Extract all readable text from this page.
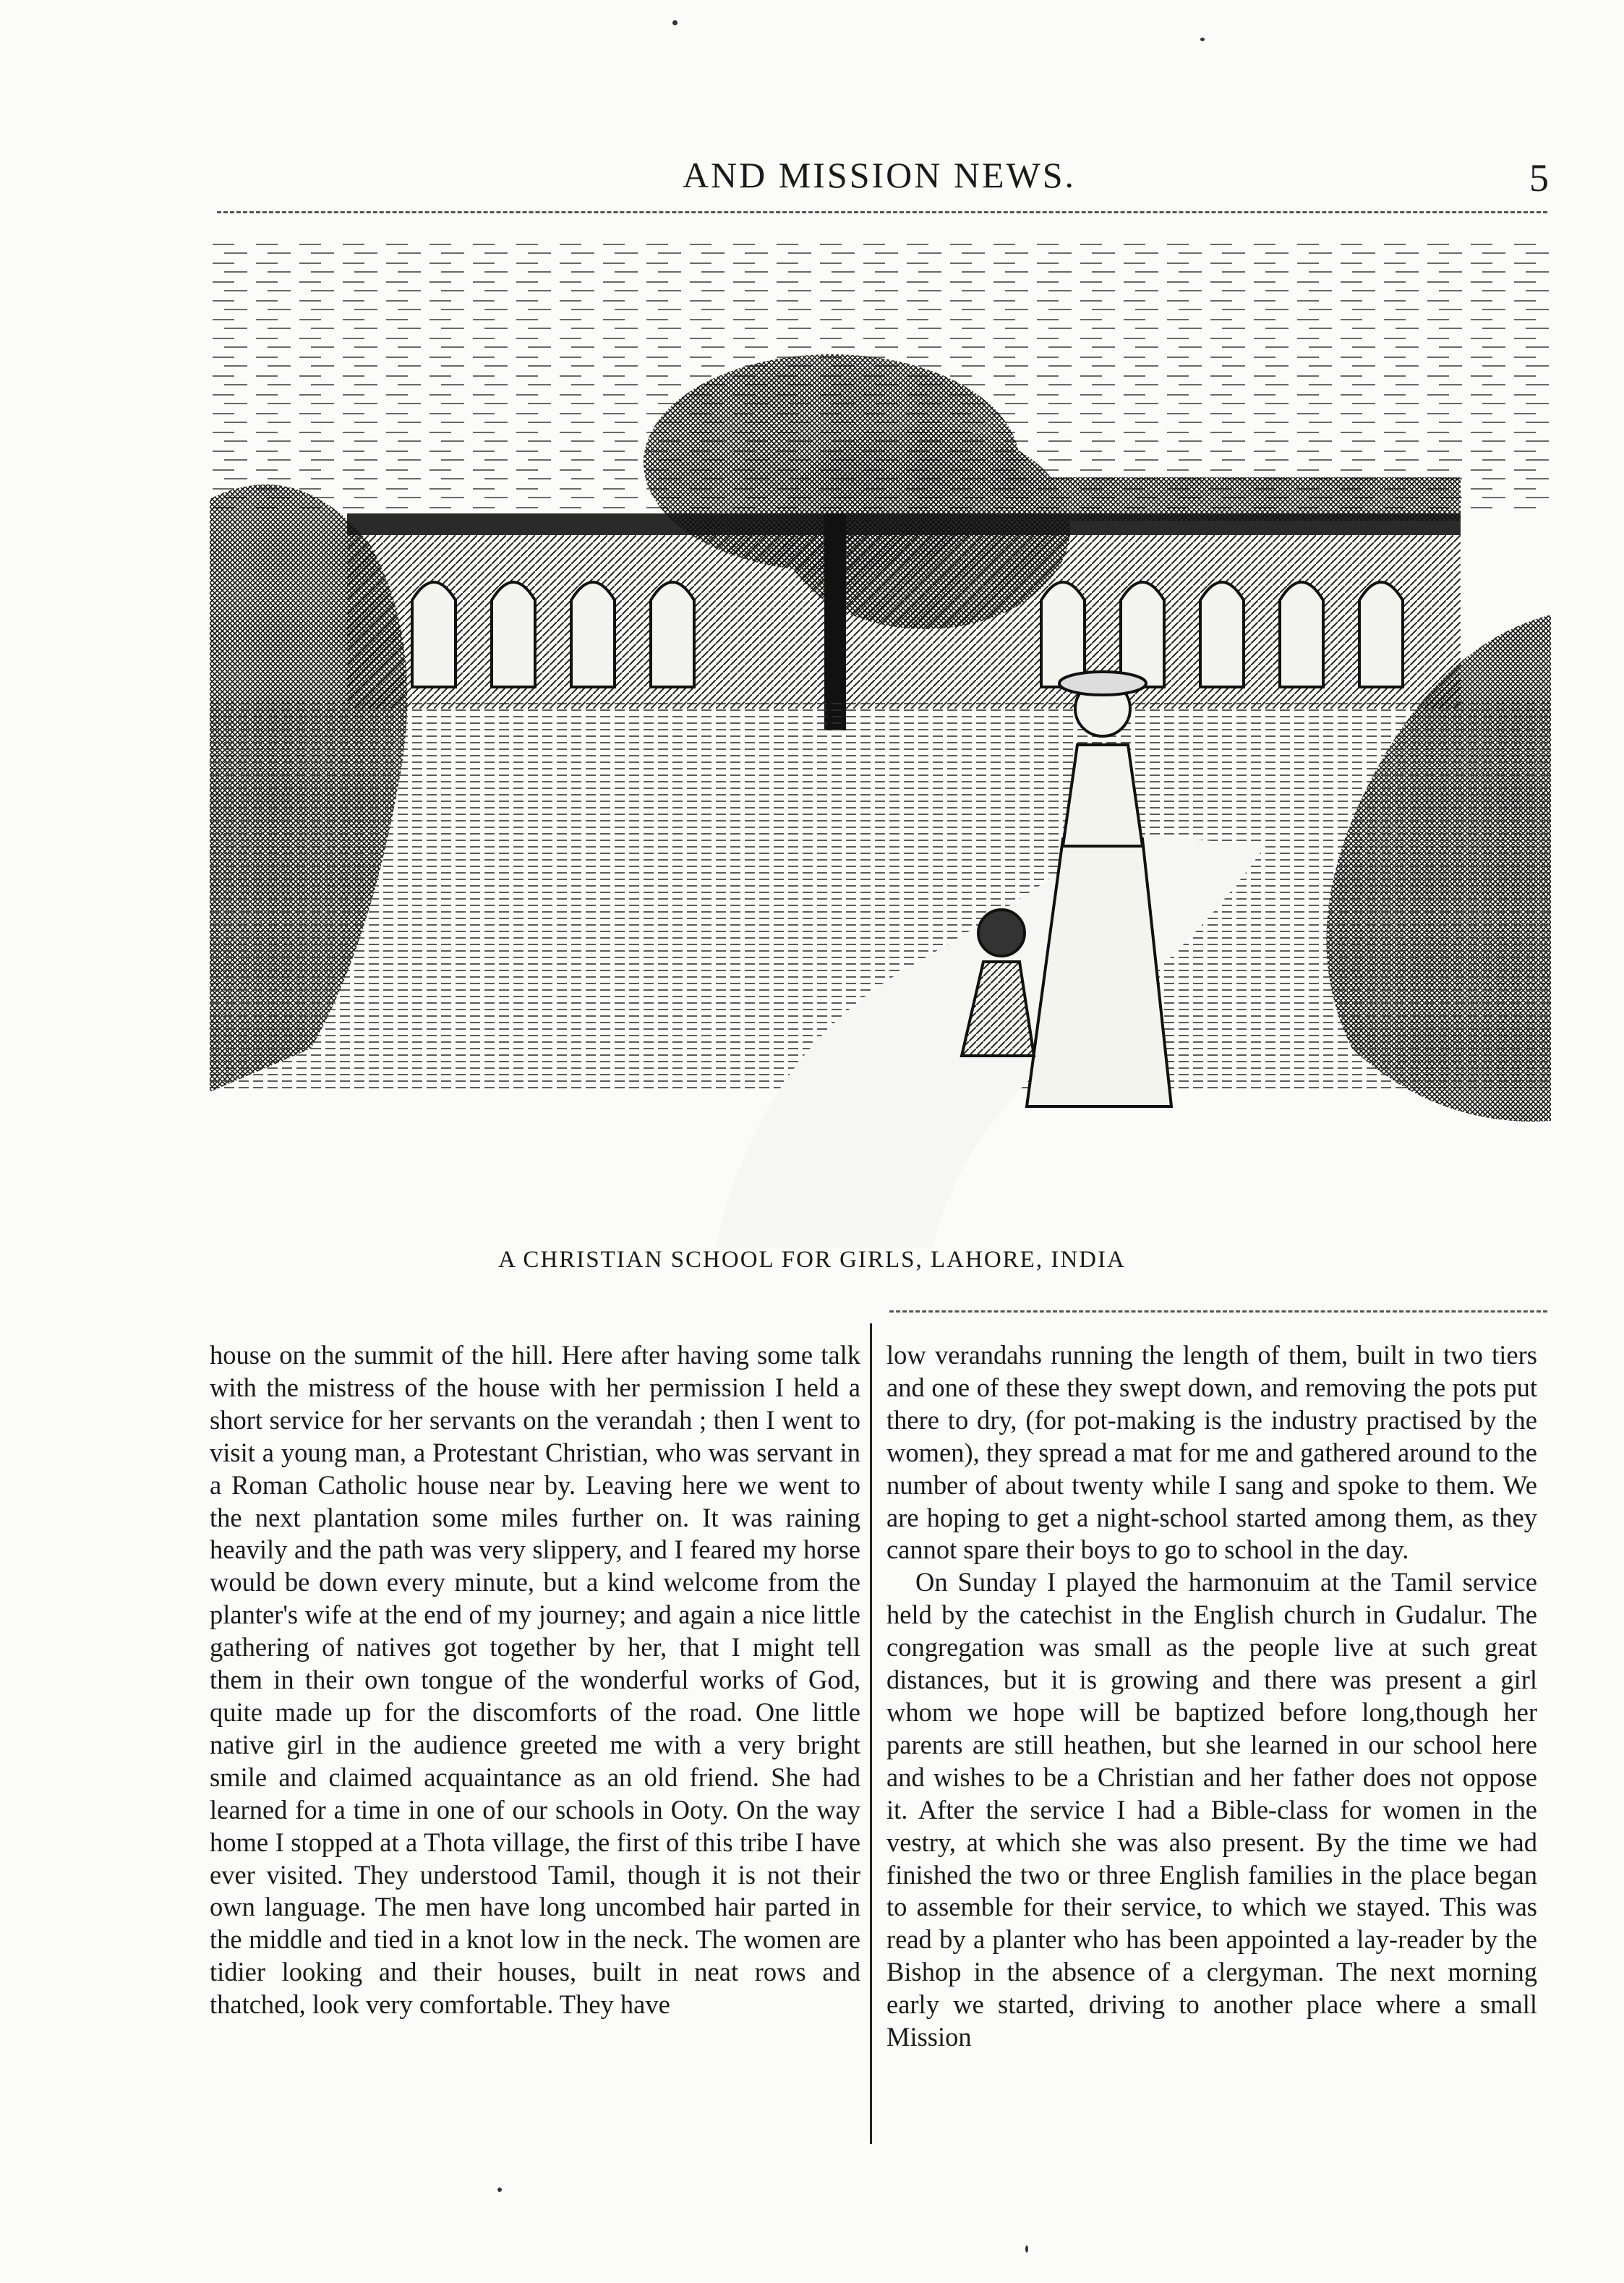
AND MISSION NEWS.	5
A CHRISTIAN SCHOOL FOR GIRLS, LAHORE, INDIA

house on the summit of the hill. Here after having some talk with the mistress of the house with her permission I held a short service for her servants on the verandah ; then I went to visit a young man, a Protestant Christian, who was servant in a Roman Catholic house near by. Leaving here we went to the next plantation some miles further on. It was raining heavily and the path was very slippery, and I feared my horse would be down every minute, but a kind welcome from the planter's wife at the end of my journey; and again a nice little gathering of natives got together by her, that I might tell them in their own tongue of the wonderful works of God, quite made up for the discomforts of the road. One little native girl in the audience greeted me with a very bright smile and claimed acquaintance as an old friend. She had learned for a time in one of our schools in Ooty. On the way home I stopped at a Thota village, the first of this tribe I have ever visited. They understood Tamil, though it is not their own language. The men have long uncombed hair parted in the middle and tied in a knot low in the neck. The women are tidier looking and their houses, built in neat rows and thatched, look very comfortable. They have

low verandahs running the length of them, built in two tiers and one of these they swept down, and removing the pots put there to dry, (for pot-making is the industry practised by the women), they spread a mat for me and gathered around to the number of about twenty while I sang and spoke to them. We are hoping to get a night-school started among them, as they cannot spare their boys to go to school in the day.

On Sunday I played the harmonuim at the Tamil service held by the catechist in the English church in Gudalur. The congregation was small as the people live at such great distances, but it is growing and there was present a girl whom we hope will be baptized before long,though her parents are still heathen, but she learned in our school here and wishes to be a Christian and her father does not oppose it. After the service I had a Bible-class for women in the vestry, at which she was also present. By the time we had finished the two or three English families in the place began to assemble for their service, to which we stayed. This was read by a planter who has been appointed a lay-reader by the Bishop in the absence of a clergyman. The next morning early we started, driving to another place where a small Mission
